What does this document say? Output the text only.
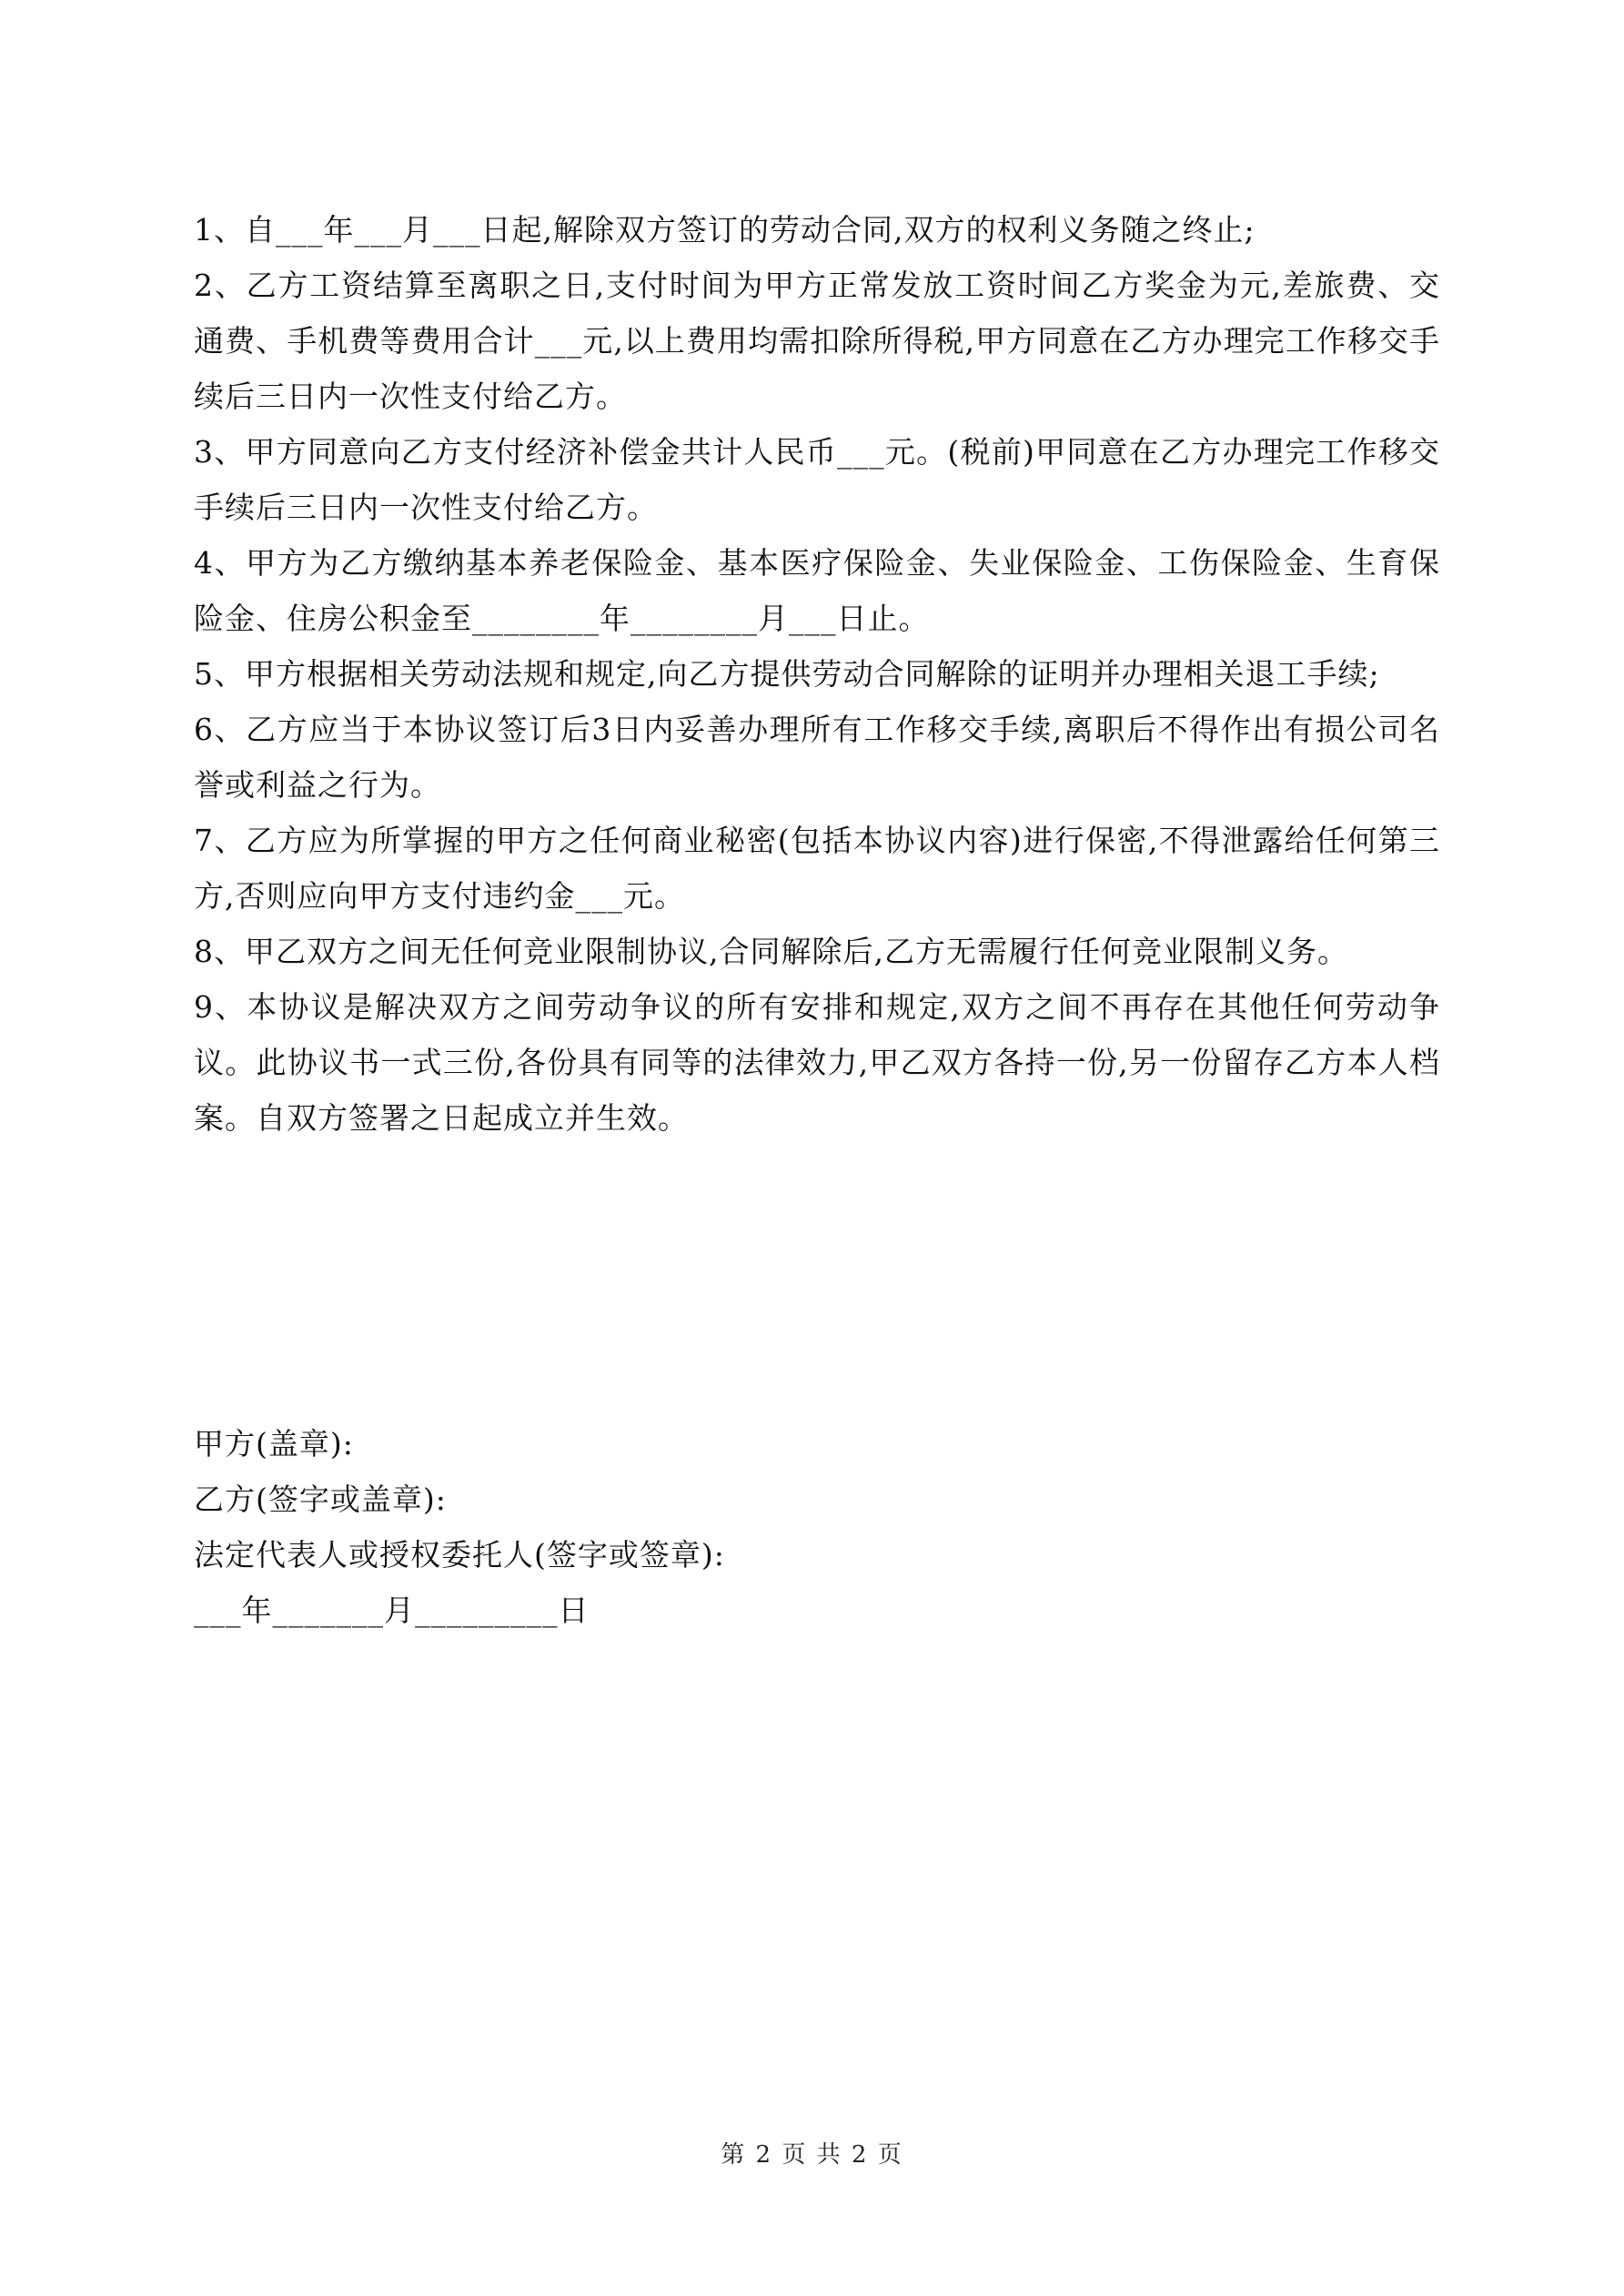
1、自___年___月___日起,解除双方签订的劳动合同,双方的权利义务随之终止;

2、乙方工资结算至离职之日,支付时间为甲方正常发放工资时间乙方奖金为元,差旅费、交通费、手机费等费用合计___元,以上费用均需扣除所得税,甲方同意在乙方办理完工作移交手续后三日内一次性支付给乙方。

3、甲方同意向乙方支付经济补偿金共计人民币___元。(税前)甲同意在乙方办理完工作移交手续后三日内一次性支付给乙方。

4、甲方为乙方缴纳基本养老保险金、基本医疗保险金、失业保险金、工伤保险金、生育保险金、住房公积金至________年________月___日止。

5、甲方根据相关劳动法规和规定,向乙方提供劳动合同解除的证明并办理相关退工手续;

6、乙方应当于本协议签订后3日内妥善办理所有工作移交手续,离职后不得作出有损公司名誉或利益之行为。

7、乙方应为所掌握的甲方之任何商业秘密(包括本协议内容)进行保密,不得泄露给任何第三方,否则应向甲方支付违约金___元。

8、甲乙双方之间无任何竞业限制协议,合同解除后,乙方无需履行任何竞业限制义务。

9、本协议是解决双方之间劳动争议的所有安排和规定,双方之间不再存在其他任何劳动争议。此协议书一式三份,各份具有同等的法律效力,甲乙双方各持一份,另一份留存乙方本人档案。自双方签署之日起成立并生效。

甲方(盖章):

乙方(签字或盖章):

法定代表人或授权委托人(签字或签章):

___年_______月_________日

第 2 页 共 2 页
